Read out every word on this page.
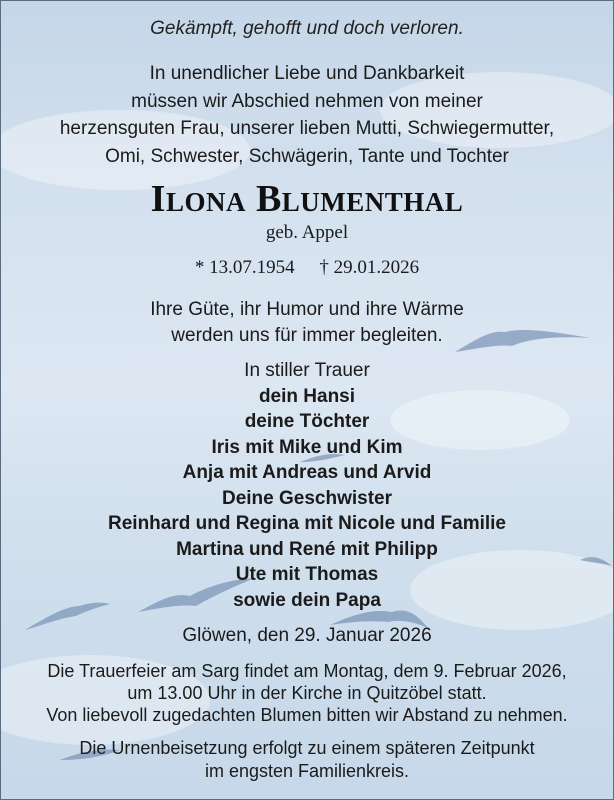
Gekämpft, gehofft und doch verloren.
In unendlicher Liebe und Dankbarkeit
müssen wir Abschied nehmen von meiner
herzensguten Frau, unserer lieben Mutti, Schwiegermutter,
Omi, Schwester, Schwägerin, Tante und Tochter
Ilona Blumenthal
geb. Appel
* 13.07.1954 † 29.01.2026
Ihre Güte, ihr Humor und ihre Wärme
werden uns für immer begleiten.
In stiller Trauer
dein Hansi
deine Töchter
Iris mit Mike und Kim
Anja mit Andreas und Arvid
Deine Geschwister
Reinhard und Regina mit Nicole und Familie
Martina und René mit Philipp
Ute mit Thomas
sowie dein Papa
Glöwen, den 29. Januar 2026
Die Trauerfeier am Sarg findet am Montag, dem 9. Februar 2026,
um 13.00 Uhr in der Kirche in Quitzöbel statt.
Von liebevoll zugedachten Blumen bitten wir Abstand zu nehmen.
Die Urnenbeisetzung erfolgt zu einem späteren Zeitpunkt
im engsten Familienkreis.
